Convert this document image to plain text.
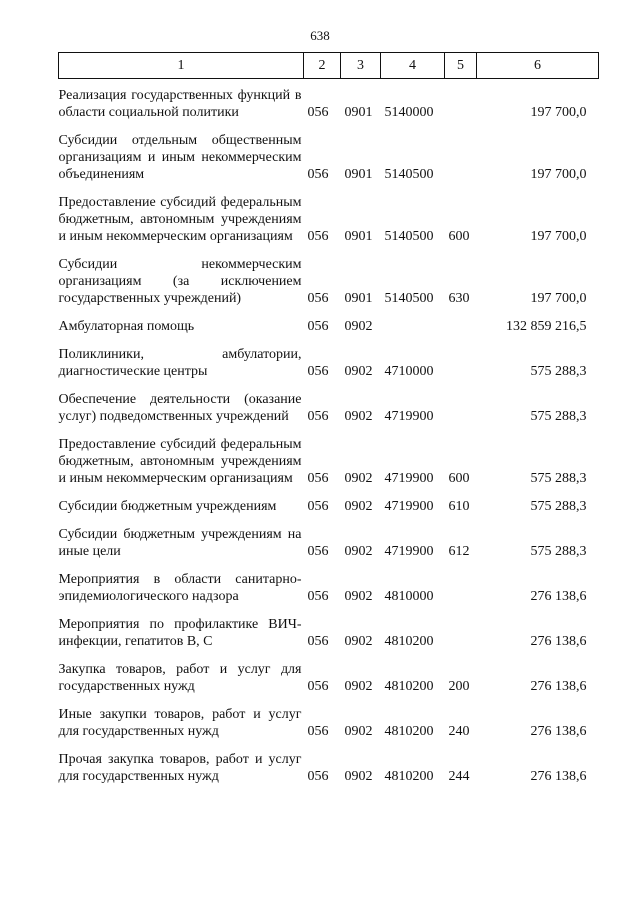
638
1	2	3	4	5	6
Реализация государственных функций в области социальной политики	056	0901	5140000		197 700,0
Субсидии отдельным общественным организациям и иным некоммерческим объединениям	056	0901	5140500		197 700,0
Предоставление субсидий федеральным бюджетным, автономным учреждениям и иным некоммерческим организациям	056	0901	5140500	600	197 700,0
Субсидии некоммерческим организациям (за исключением государственных учреждений)	056	0901	5140500	630	197 700,0
Амбулаторная помощь	056	0902			132 859 216,5
Поликлиники, амбулатории, диагностические центры	056	0902	4710000		575 288,3
Обеспечение деятельности (оказание услуг) подведомственных учреждений	056	0902	4719900		575 288,3
Предоставление субсидий федеральным бюджетным, автономным учреждениям и иным некоммерческим организациям	056	0902	4719900	600	575 288,3
Субсидии бюджетным учреждениям	056	0902	4719900	610	575 288,3
Субсидии бюджетным учреждениям на иные цели	056	0902	4719900	612	575 288,3
Мероприятия в области санитарно-эпидемиологического надзора	056	0902	4810000		276 138,6
Мероприятия по профилактике ВИЧ-инфекции, гепатитов В, С	056	0902	4810200		276 138,6
Закупка товаров, работ и услуг для государственных нужд	056	0902	4810200	200	276 138,6
Иные закупки товаров, работ и услуг для государственных нужд	056	0902	4810200	240	276 138,6
Прочая закупка товаров, работ и услуг для государственных нужд	056	0902	4810200	244	276 138,6
